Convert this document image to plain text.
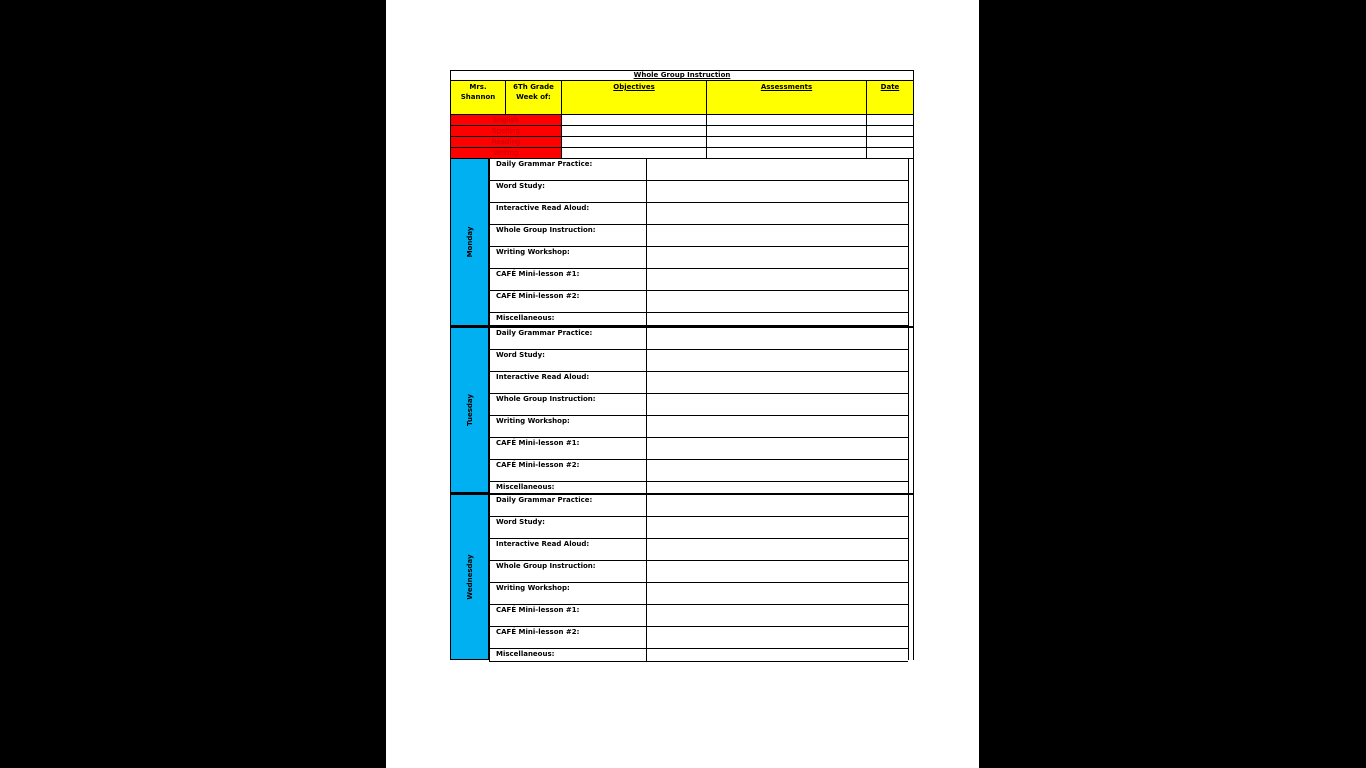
Whole Group Instruction
Mrs.
Shannon
6Th Grade
Week of:
Objectives	Assessments	Date
English
Spelling
Reading
Writing
Monday
Daily Grammar Practice:
Word Study:
Interactive Read Aloud:
Whole Group Instruction:
Writing Workshop:
CAFÉ Mini-lesson #1:
CAFÉ Mini-lesson #2:
Miscellaneous:
Tuesday
Daily Grammar Practice:
Word Study:
Interactive Read Aloud:
Whole Group Instruction:
Writing Workshop:
CAFÉ Mini-lesson #1:
CAFÉ Mini-lesson #2:
Miscellaneous:
Wednesday
Daily Grammar Practice:
Word Study:
Interactive Read Aloud:
Whole Group Instruction:
Writing Workshop:
CAFÉ Mini-lesson #1:
CAFÉ Mini-lesson #2:
Miscellaneous:
